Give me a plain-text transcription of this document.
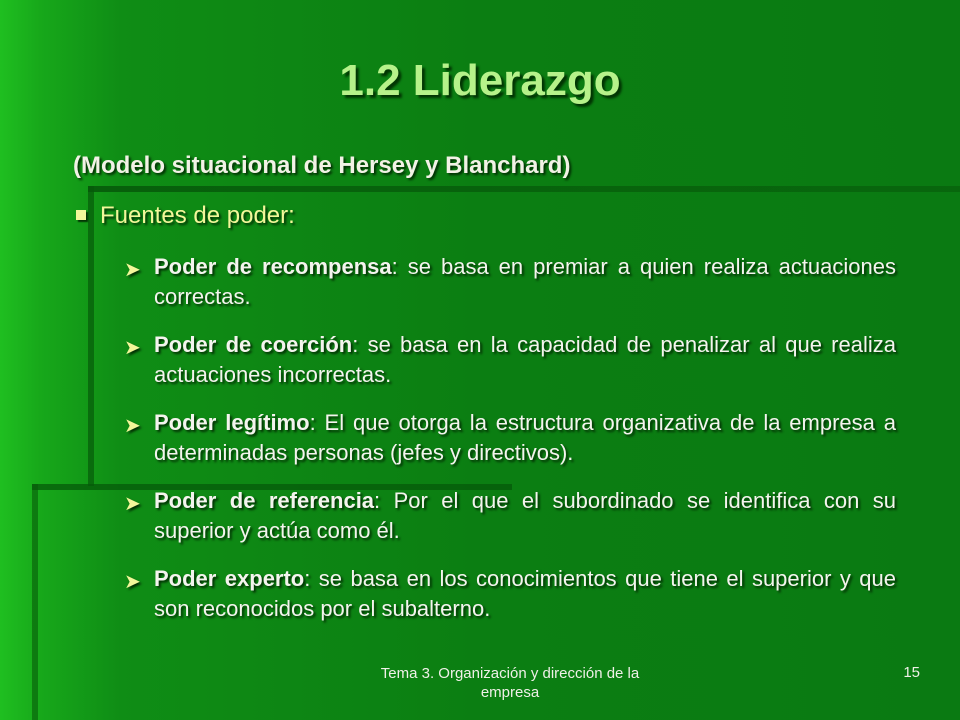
1.2 Liderazgo
(Modelo situacional de Hersey y Blanchard)
Fuentes de poder:
➤ Poder de recompensa: se basa en premiar a quien realiza actuaciones correctas.
➤ Poder de coerción: se basa en la capacidad de penalizar al que realiza actuaciones incorrectas.
➤ Poder legítimo: El que otorga la estructura organizativa de la empresa a determinadas personas (jefes y directivos).
➤ Poder de referencia: Por el que el subordinado se identifica con su superior y actúa como él.
➤ Poder experto: se basa en los conocimientos que tiene el superior y que son reconocidos por el subalterno.
Tema 3. Organización y dirección de la empresa
15
